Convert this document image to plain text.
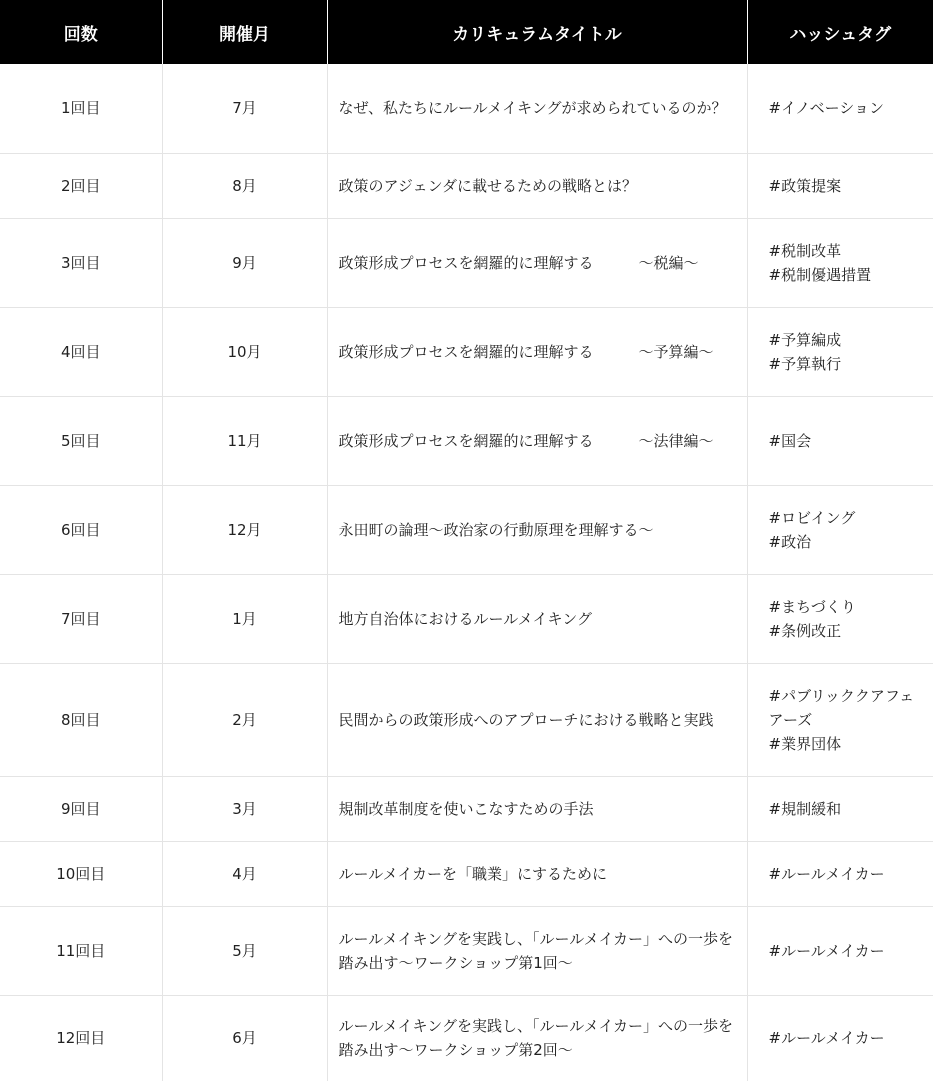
回数	開催月	カリキュラムタイトル	ハッシュタグ
1回目	7月	なぜ、私たちにルールメイキングが求められているのか？	#イノベーション

2回目	8月	政策のアジェンダに載せるための戦略とは？	#政策提案

3回目	9月	政策形成プロセスを網羅的に理解する　　　〜税編〜	#税制改革
#税制優遇措置

4回目	10月	政策形成プロセスを網羅的に理解する　　　〜予算編〜	#予算編成
#予算執行

5回目	11月	政策形成プロセスを網羅的に理解する　　　〜法律編〜	#国会

6回目	12月	永田町の論理〜政治家の行動原理を理解する〜	#ロビイング
#政治

7回目	1月	地方自治体におけるルールメイキング	#まちづくり
#条例改正

8回目	2月	民間からの政策形成へのアプローチにおける戦略と実践	#パブリッククアフェアーズ
#業界団体

9回目	3月	規制改革制度を使いこなすための手法	#規制緩和

10回目	4月	ルールメイカーを「職業」にするために	#ルールメイカー

11回目	5月	ルールメイキングを実践し、「ルールメイカー」への一歩を踏み出す〜ワークショップ第1回〜	#ルールメイカー

12回目	6月	ルールメイキングを実践し、「ルールメイカー」への一歩を踏み出す〜ワークショップ第2回〜	#ルールメイカー
